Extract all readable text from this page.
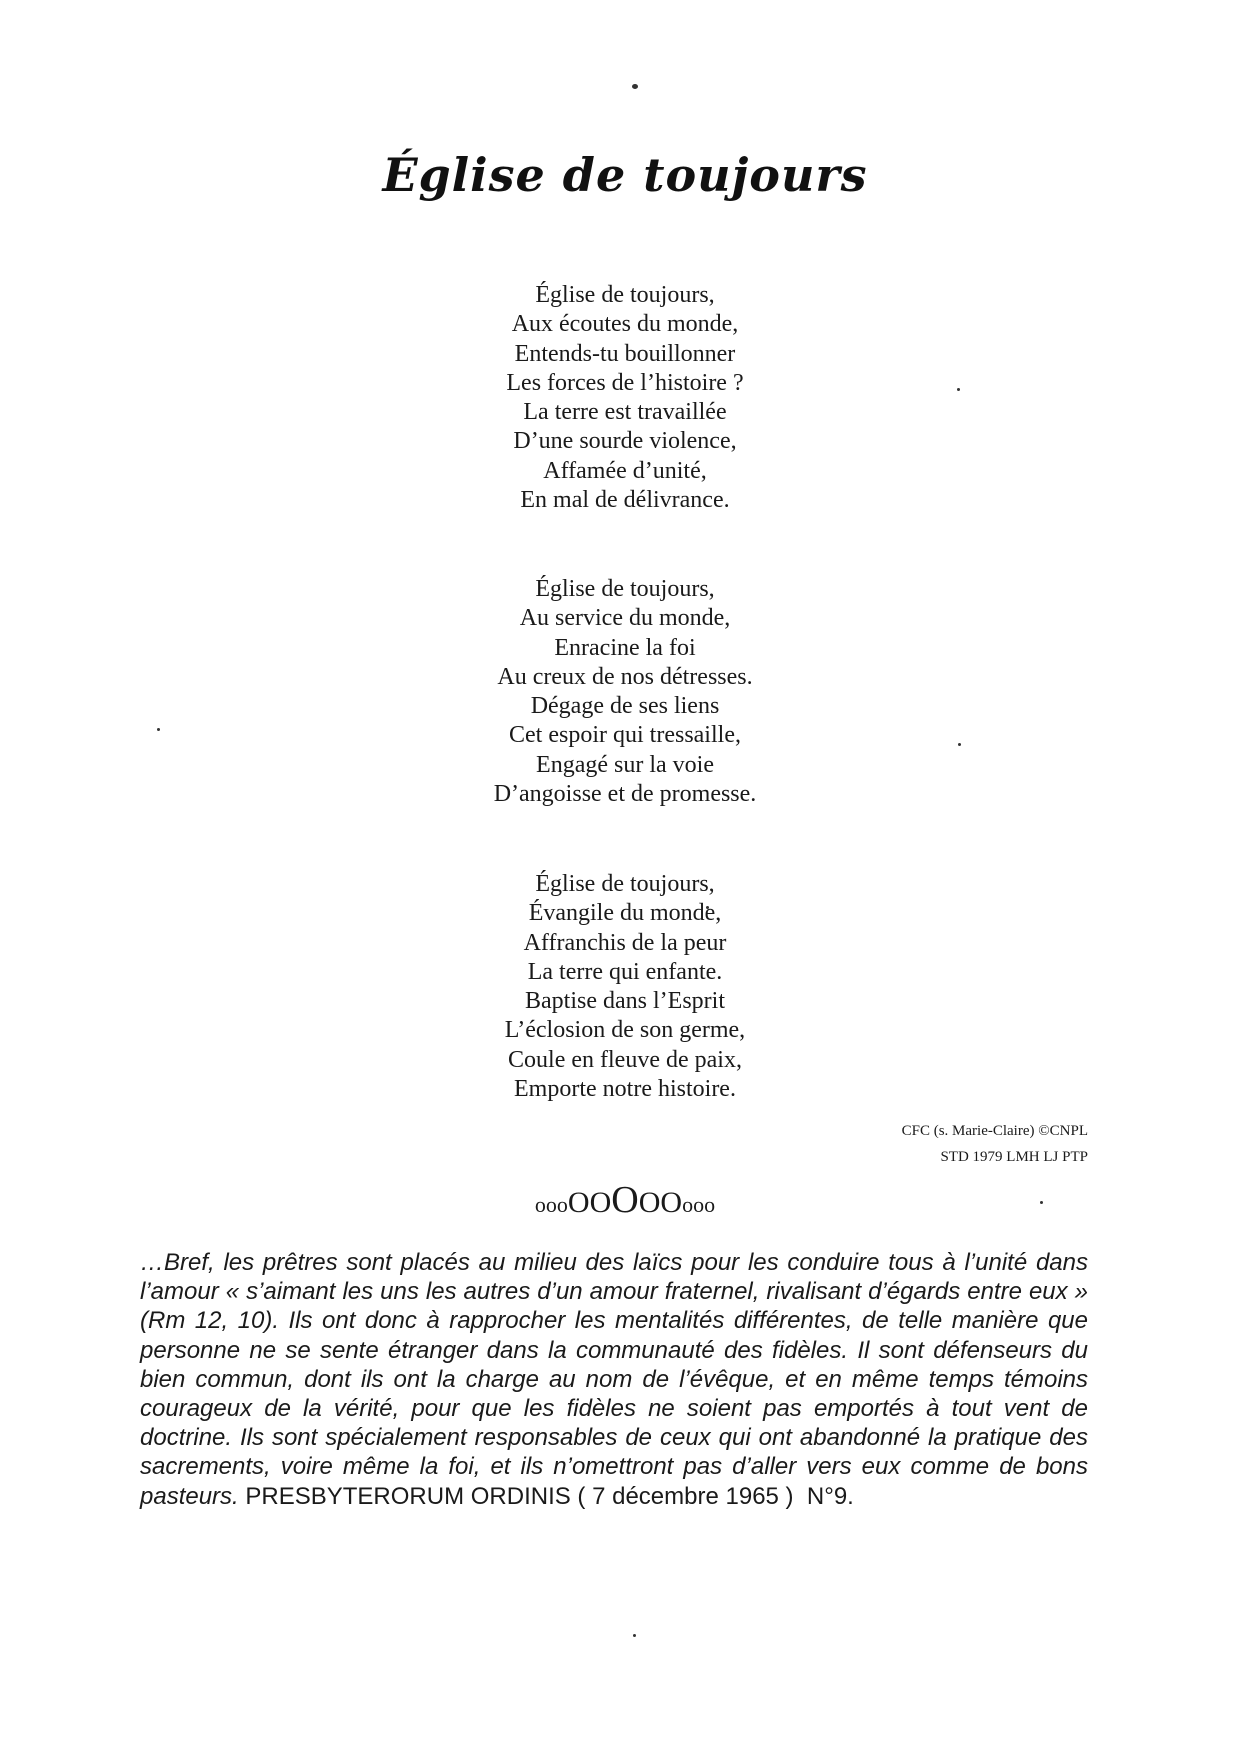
Église de toujours
Église de toujours,
Aux écoutes du monde,
Entends-tu bouillonner
Les forces de l’histoire ?
La terre est travaillée
D’une sourde violence,
Affamée d’unité,
En mal de délivrance.
Église de toujours,
Au service du monde,
Enracine la foi
Au creux de nos détresses.
Dégage de ses liens
Cet espoir qui tressaille,
Engagé sur la voie
D’angoisse et de promesse.
Église de toujours,
Évangile du monde,
Affranchis de la peur
La terre qui enfante.
Baptise dans l’Esprit
L’éclosion de son germe,
Coule en fleuve de paix,
Emporte notre histoire.
CFC (s. Marie-Claire) ©CNPL
STD 1979 LMH LJ PTP
oooOOOOOooo
…Bref, les prêtres sont placés au milieu des laïcs pour les conduire tous à l’unité dans l’amour « s’aimant les uns les autres d’un amour fraternel, rivalisant d’égards entre eux » (Rm 12, 10). Ils ont donc à rapprocher les mentalités différentes, de telle manière que personne ne se sente étranger dans la communauté des fidèles. Il sont défenseurs du bien commun, dont ils ont la charge au nom de l’évêque, et en même temps témoins courageux de la vérité, pour que les fidèles ne soient pas emportés à tout vent de doctrine. Ils sont spécialement responsables de ceux qui ont abandonné la pratique des sacrements, voire même la foi, et ils n’omettront pas d’aller vers eux comme de bons pasteurs. PRESBYTERORUM ORDINIS ( 7 décembre 1965 )  N°9.
